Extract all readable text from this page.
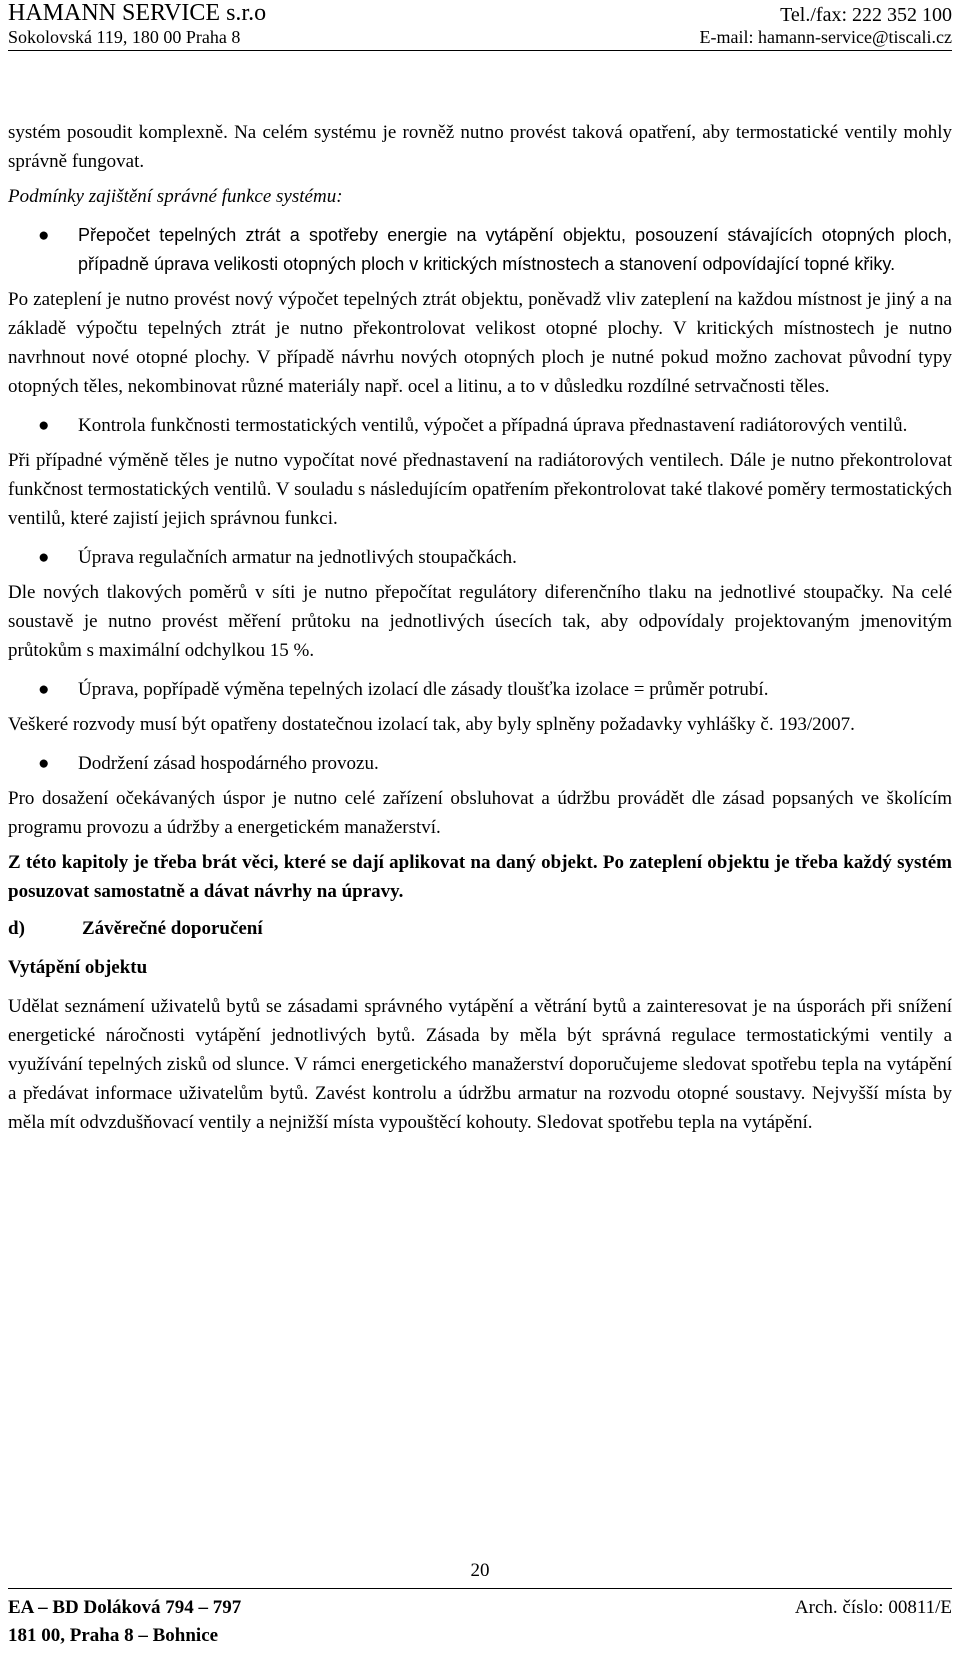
HAMANN SERVICE s.r.o
Sokolovská 119, 180 00 Praha 8
Tel./fax: 222 352 100
E-mail: hamann-service@tiscali.cz

systém posoudit komplexně. Na celém systému je rovněž nutno provést taková opatření, aby termostatické ventily mohly správně fungovat.

Podmínky zajištění správné funkce systému:

●	Přepočet tepelných ztrát a spotřeby energie na vytápění objektu, posouzení stávajících otopných ploch, případně úprava velikosti otopných ploch v kritických místnostech a stanovení odpovídající topné křiky.

Po zateplení je nutno provést nový výpočet tepelných ztrát objektu, poněvadž vliv zateplení na každou místnost je jiný a na základě výpočtu tepelných ztrát je nutno překontrolovat velikost otopné plochy. V kritických místnostech je nutno navrhnout nové otopné plochy. V případě návrhu nových otopných ploch je nutné pokud možno zachovat původní typy otopných těles, nekombinovat různé materiály např. ocel a litinu, a to v důsledku rozdílné setrvačnosti těles.

●	Kontrola funkčnosti termostatických ventilů, výpočet a případná úprava přednastavení radiátorových ventilů.

Při případné výměně těles je nutno vypočítat nové přednastavení na radiátorových ventilech. Dále je nutno překontrolovat funkčnost termostatických ventilů. V souladu s následujícím opatřením překontrolovat také tlakové poměry termostatických ventilů, které zajistí jejich správnou funkci.

●	Úprava regulačních armatur na jednotlivých stoupačkách.

Dle nových tlakových poměrů v síti je nutno přepočítat regulátory diferenčního tlaku na jednotlivé stoupačky. Na celé soustavě je nutno provést měření průtoku na jednotlivých úsecích tak, aby odpovídaly projektovaným jmenovitým průtokům s maximální odchylkou 15 %.

●	Úprava, popřípadě výměna tepelných izolací dle zásady tloušťka izolace = průměr potrubí.

Veškeré rozvody musí být opatřeny dostatečnou izolací tak, aby byly splněny požadavky vyhlášky č. 193/2007.

●	Dodržení zásad hospodárného provozu.

Pro dosažení očekávaných úspor je nutno celé zařízení obsluhovat a údržbu provádět dle zásad popsaných ve školícím programu provozu a údržby a energetickém manažerství.

Z této kapitoly je třeba brát věci, které se dají aplikovat na daný objekt. Po zateplení objektu je třeba každý systém posuzovat samostatně a dávat návrhy na úpravy.

d)	Závěrečné doporučení
Vytápění objektu

Udělat seznámení uživatelů bytů se zásadami správného vytápění a větrání bytů a zainteresovat je na úsporách při snížení energetické náročnosti vytápění jednotlivých bytů. Zásada by měla být správná regulace termostatickými ventily a využívání tepelných zisků od slunce. V rámci energetického manažerství doporučujeme sledovat spotřebu tepla na vytápění a předávat informace uživatelům bytů. Zavést kontrolu a údržbu armatur na rozvodu otopné soustavy. Nejvyšší místa by měla mít odvzdušňovací ventily a nejnižší místa vypouštěcí kohouty. Sledovat spotřebu tepla na vytápění.

20
EA – BD Doláková 794 – 797
181 00, Praha 8 – Bohnice
Arch. číslo: 00811/E
